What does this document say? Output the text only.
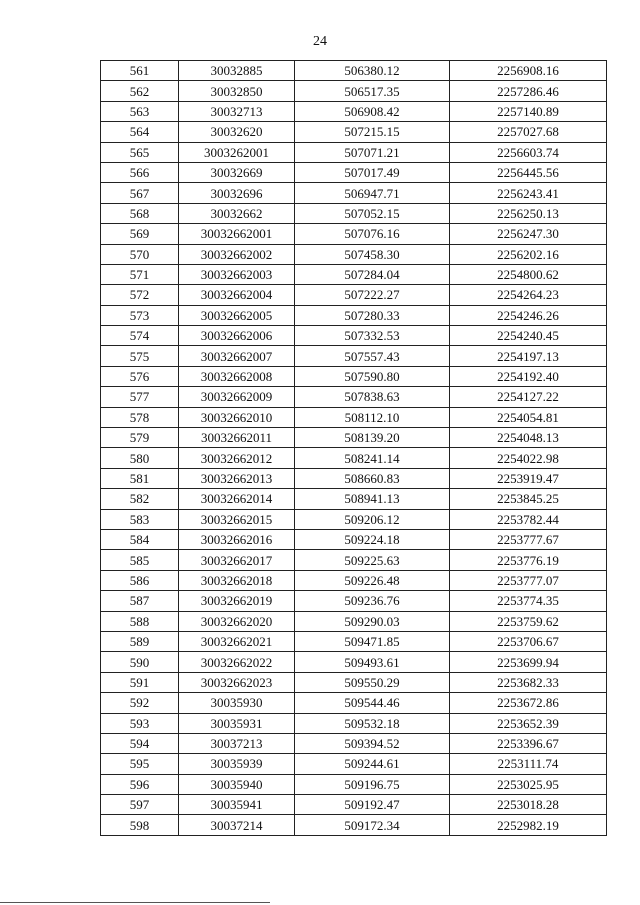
24
561	30032885	506380.12	2256908.16
562	30032850	506517.35	2257286.46
563	30032713	506908.42	2257140.89
564	30032620	507215.15	2257027.68
565	3003262001	507071.21	2256603.74
566	30032669	507017.49	2256445.56
567	30032696	506947.71	2256243.41
568	30032662	507052.15	2256250.13
569	30032662001	507076.16	2256247.30
570	30032662002	507458.30	2256202.16
571	30032662003	507284.04	2254800.62
572	30032662004	507222.27	2254264.23
573	30032662005	507280.33	2254246.26
574	30032662006	507332.53	2254240.45
575	30032662007	507557.43	2254197.13
576	30032662008	507590.80	2254192.40
577	30032662009	507838.63	2254127.22
578	30032662010	508112.10	2254054.81
579	30032662011	508139.20	2254048.13
580	30032662012	508241.14	2254022.98
581	30032662013	508660.83	2253919.47
582	30032662014	508941.13	2253845.25
583	30032662015	509206.12	2253782.44
584	30032662016	509224.18	2253777.67
585	30032662017	509225.63	2253776.19
586	30032662018	509226.48	2253777.07
587	30032662019	509236.76	2253774.35
588	30032662020	509290.03	2253759.62
589	30032662021	509471.85	2253706.67
590	30032662022	509493.61	2253699.94
591	30032662023	509550.29	2253682.33
592	30035930	509544.46	2253672.86
593	30035931	509532.18	2253652.39
594	30037213	509394.52	2253396.67
595	30035939	509244.61	2253111.74
596	30035940	509196.75	2253025.95
597	30035941	509192.47	2253018.28
598	30037214	509172.34	2252982.19
